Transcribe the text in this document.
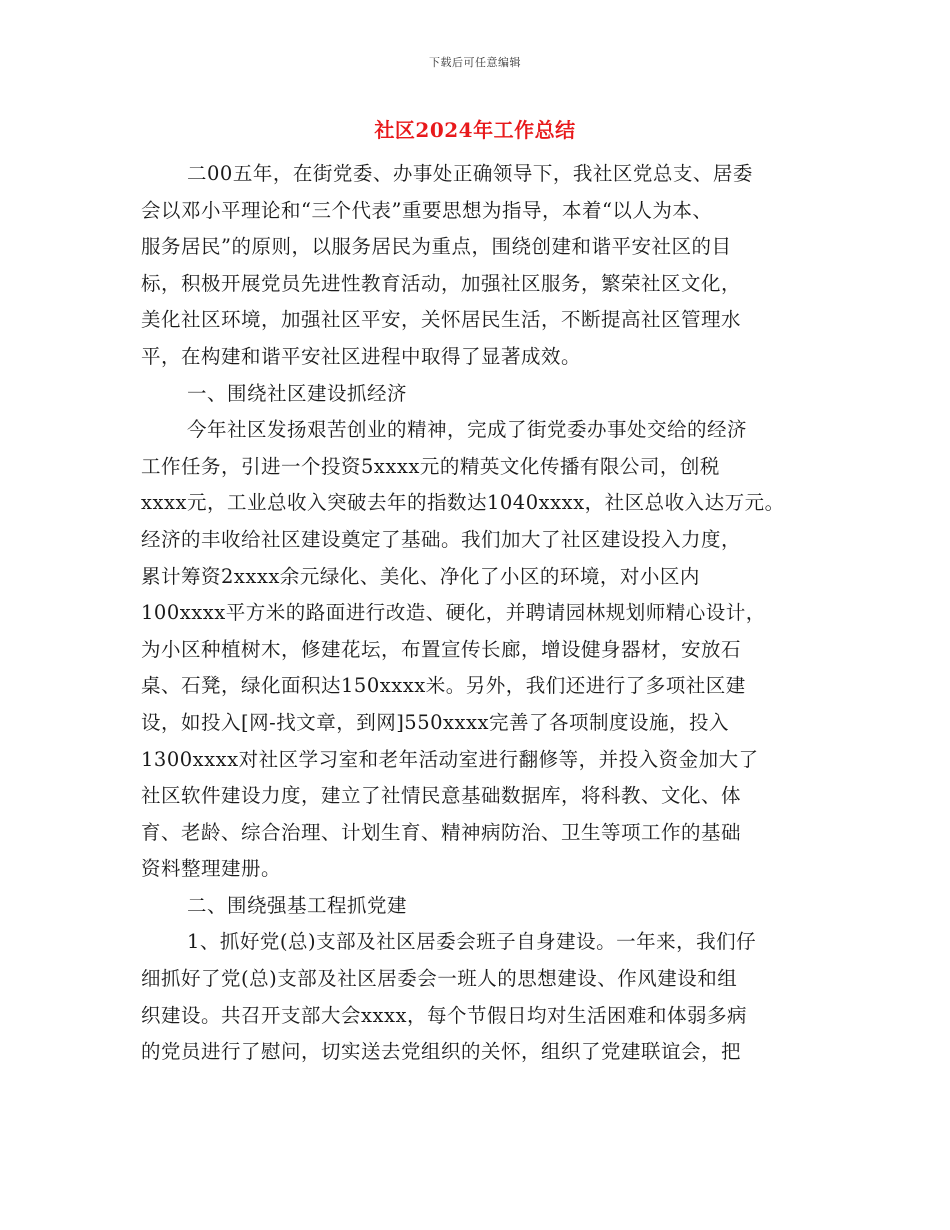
下载后可任意编辑
社区2024年工作总结
二00五年，在街党委、办事处正确领导下，我社区党总支、居委
会以邓小平理论和“三个代表”重要思想为指导，本着“以人为本、
服务居民”的原则，以服务居民为重点，围绕创建和谐平安社区的目
标，积极开展党员先进性教育活动，加强社区服务，繁荣社区文化，
美化社区环境，加强社区平安，关怀居民生活，不断提高社区管理水
平，在构建和谐平安社区进程中取得了显著成效。
一、围绕社区建设抓经济
今年社区发扬艰苦创业的精神，完成了街党委办事处交给的经济
工作任务，引进一个投资5xxxx元的精英文化传播有限公司，创税
xxxx元，工业总收入突破去年的指数达1040xxxx，社区总收入达万元。
经济的丰收给社区建设奠定了基础。我们加大了社区建设投入力度，
累计筹资2xxxx余元绿化、美化、净化了小区的环境，对小区内
100xxxx平方米的路面进行改造、硬化，并聘请园林规划师精心设计，
为小区种植树木，修建花坛，布置宣传长廊，增设健身器材，安放石
桌、石凳，绿化面积达150xxxx米。另外，我们还进行了多项社区建
设，如投入[网-找文章，到网]550xxxx完善了各项制度设施，投入
1300xxxx对社区学习室和老年活动室进行翻修等，并投入资金加大了
社区软件建设力度，建立了社情民意基础数据库，将科教、文化、体
育、老龄、综合治理、计划生育、精神病防治、卫生等项工作的基础
资料整理建册。
二、围绕强基工程抓党建
1、抓好党(总)支部及社区居委会班子自身建设。一年来，我们仔
细抓好了党(总)支部及社区居委会一班人的思想建设、作风建设和组
织建设。共召开支部大会xxxx，每个节假日均对生活困难和体弱多病
的党员进行了慰问，切实送去党组织的关怀，组织了党建联谊会，把
